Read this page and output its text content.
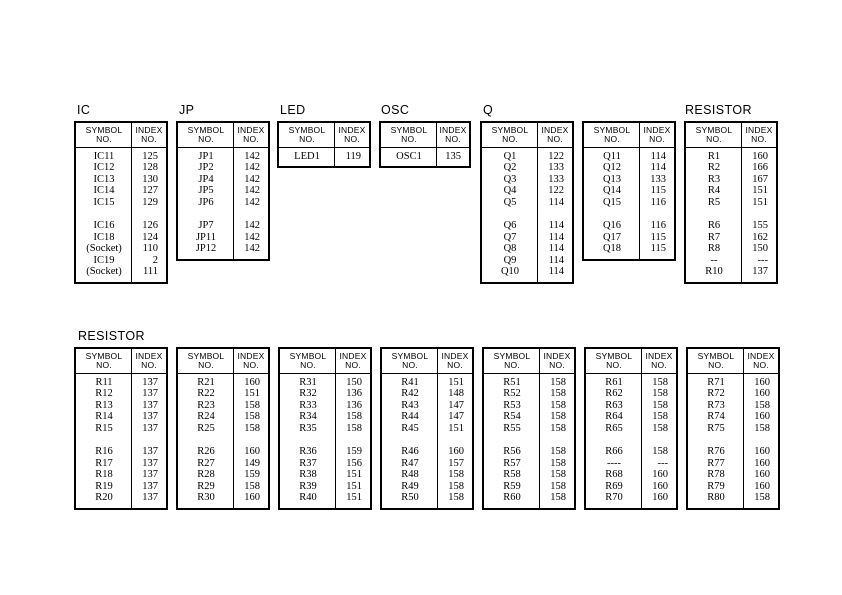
IC	JP	LED	OSC	Q	RESISTOR
RESISTOR
SYMBOL
NO.
INDEX
NO.
IC11	125
IC12	128
IC13	130
IC14	127
IC15	129
IC16	126
IC18	124
(Socket)	110
IC19	2
(Socket)	111
SYMBOL
NO.
INDEX
NO.
JP1	142
JP2	142
JP4	142
JP5	142
JP6	142
JP7	142
JP11	142
JP12	142
SYMBOL
NO.
INDEX
NO.
LED1	119
SYMBOL
NO.
INDEX
NO.
OSC1	135
SYMBOL
NO.
INDEX
NO.
Q1	122
Q2	133
Q3	133
Q4	122
Q5	114
Q6	114
Q7	114
Q8	114
Q9	114
Q10	114
SYMBOL
NO.
INDEX
NO.
Q11	114
Q12	114
Q13	133
Q14	115
Q15	116
Q16	116
Q17	115
Q18	115
SYMBOL
NO.
INDEX
NO.
R1	160
R2	166
R3	167
R4	151
R5	151
R6	155
R7	162
R8	150
--	---
R10	137
SYMBOL
NO.
INDEX
NO.
R11	137
R12	137
R13	137
R14	137
R15	137
R16	137
R17	137
R18	137
R19	137
R20	137
SYMBOL
NO.
INDEX
NO.
R21	160
R22	151
R23	158
R24	158
R25	158
R26	160
R27	149
R28	159
R29	158
R30	160
SYMBOL
NO.
INDEX
NO.
R31	150
R32	136
R33	136
R34	158
R35	158
R36	159
R37	156
R38	151
R39	151
R40	151
SYMBOL
NO.
INDEX
NO.
R41	151
R42	148
R43	147
R44	147
R45	151
R46	160
R47	157
R48	158
R49	158
R50	158
SYMBOL
NO.
INDEX
NO.
R51	158
R52	158
R53	158
R54	158
R55	158
R56	158
R57	158
R58	158
R59	158
R60	158
SYMBOL
NO.
INDEX
NO.
R61	158
R62	158
R63	158
R64	158
R65	158
R66	158
----	---
R68	160
R69	160
R70	160
SYMBOL
NO.
INDEX
NO.
R71	160
R72	160
R73	158
R74	160
R75	158
R76	160
R77	160
R78	160
R79	160
R80	158
